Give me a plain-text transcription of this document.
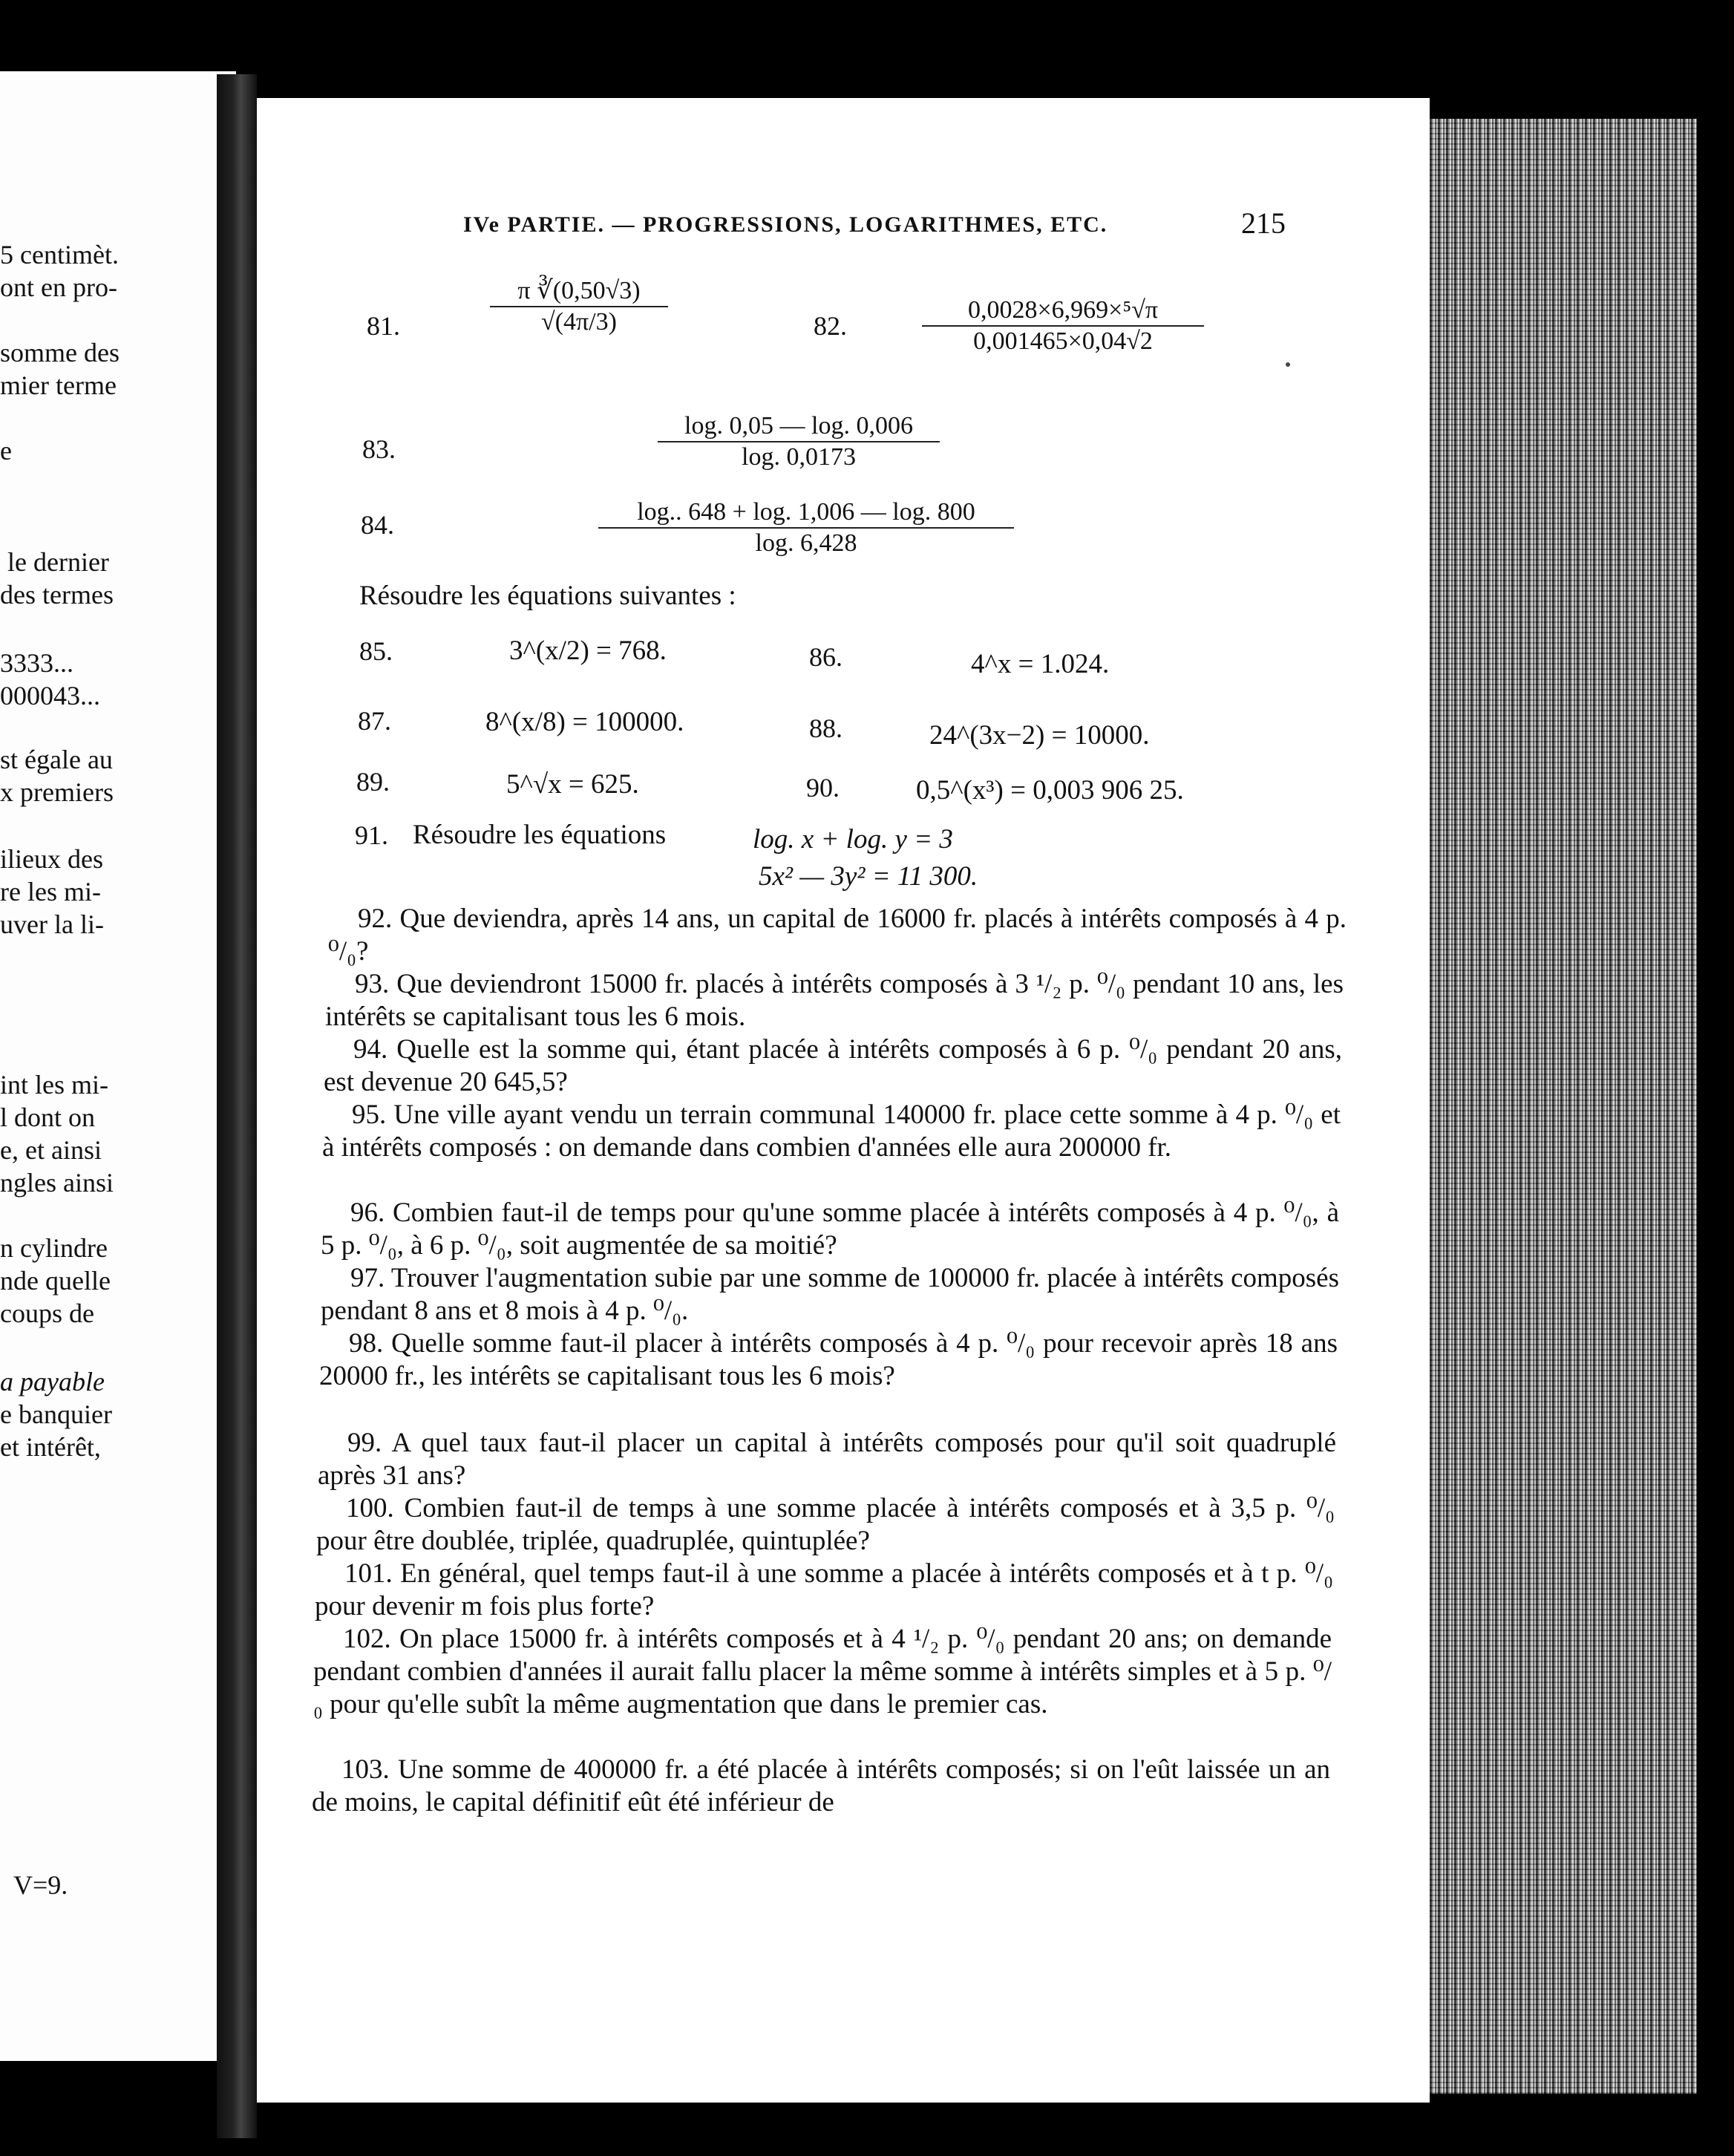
5 centimèt.
ont en pro-
somme des
mier terme
e
le dernier
des termes
3333...
000043...
st égale au
x premiers
ilieux des
re les mi-
uver la li-
int les mi-
l dont on
e, et ainsi
ngles ainsi
n cylindre
nde quelle
coups de
a payable
e banquier
et intérêt,
V=9.
IVe PARTIE. — PROGRESSIONS, LOGARITHMES, ETC.	215
81.	$\frac{\pi ∛(0,50√3)}{√(4\pi/3)}$	82.	$\frac{\text{0,0028×6,969×⁵√π}}{0,001465\times 0,04√2}$
83.	$\frac{\log. 0,05 — \log. 0,006}{\log. 0,0173}$
84.	$\frac{\log.. 648 + \log. 1,006 — \log. 800}{\log. 6,428}$
Résoudre les équations suivantes :
85.	3^(x/2) = 768.	86.	4^x = 1.024.
87.	8^(x/8) = 100000.	88.	24^(3x−2) = 10000.
89.	5^√x = 625.	90.	0,5^(x³) = 0,003 906 25.
91. Résoudre les équations	log. x + log. y = 3
5x² — 3y² = 11 300.
92. Que deviendra, après 14 ans, un capital de 16000 fr. placés à intérêts composés à 4 p. ⁰/₀?
93. Que deviendront 15000 fr. placés à intérêts composés à 3 ¹/₂ p. ⁰/₀ pendant 10 ans, les intérêts se capitalisant tous les 6 mois.
94. Quelle est la somme qui, étant placée à intérêts composés à 6 p. ⁰/₀ pendant 20 ans, est devenue 20 645,5?
95. Une ville ayant vendu un terrain communal 140000 fr. place cette somme à 4 p. ⁰/₀ et à intérêts composés : on demande dans combien d'années elle aura 200000 fr.
96. Combien faut-il de temps pour qu'une somme placée à intérêts composés à 4 p. ⁰/₀, à 5 p. ⁰/₀, à 6 p. ⁰/₀, soit augmentée de sa moitié?
97. Trouver l'augmentation subie par une somme de 100000 fr. placée à intérêts composés pendant 8 ans et 8 mois à 4 p. ⁰/₀.
98. Quelle somme faut-il placer à intérêts composés à 4 p. ⁰/₀ pour recevoir après 18 ans 20000 fr., les intérêts se capitalisant tous les 6 mois?
99. A quel taux faut-il placer un capital à intérêts composés pour qu'il soit quadruplé après 31 ans?
100. Combien faut-il de temps à une somme placée à intérêts composés et à 3,5 p. ⁰/₀ pour être doublée, triplée, quadruplée, quintuplée?
101. En général, quel temps faut-il à une somme a placée à intérêts composés et à t p. ⁰/₀ pour devenir m fois plus forte?
102. On place 15000 fr. à intérêts composés et à 4 ¹/₂ p. ⁰/₀ pendant 20 ans; on demande pendant combien d'années il aurait fallu placer la même somme à intérêts simples et à 5 p. ⁰/₀ pour qu'elle subît la même augmentation que dans le premier cas.
103. Une somme de 400000 fr. a été placée à intérêts composés; si on l'eût laissée un an de moins, le capital définitif eût été inférieur de
